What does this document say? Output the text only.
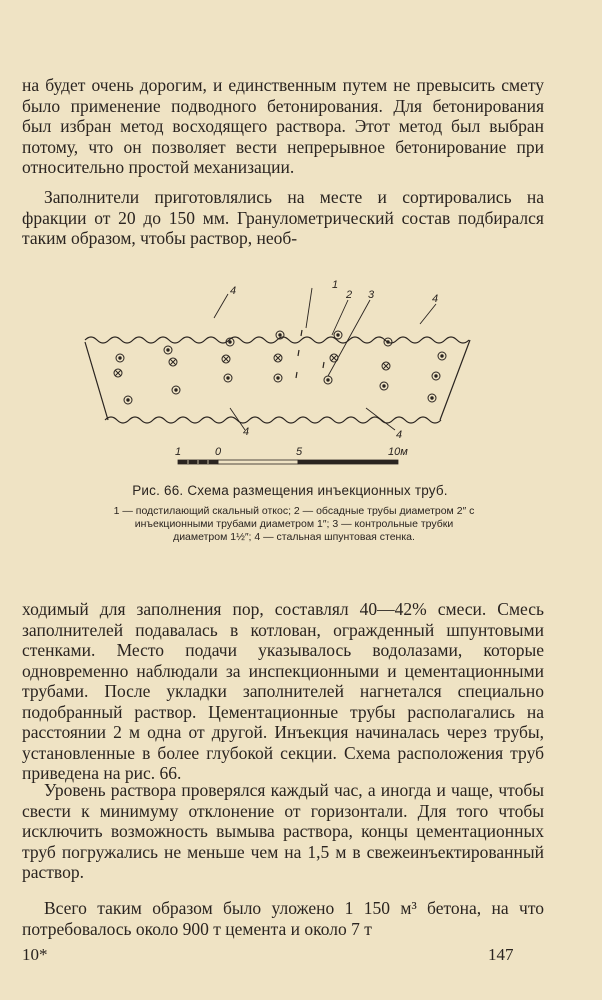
на будет очень дорогим, и единственным путем не превысить смету было применение подводного бетонирования. Для бетонирования был избран метод восходящего раствора. Этот метод был выбран потому, что он позволяет вести непрерывное бетонирование при относительно простой механизации.

Заполнители приготовлялись на месте и сортировались на фракции от 20 до 150 мм. Гранулометрический состав подбирался таким образом, чтобы раствор, необ-

4	1
2 3	4
4	4
1	0	5	10м
Рис. 66. Схема размещения инъекционных труб.
1 — подстилающий скальный откос; 2 — обсадные трубы диаметром 2″ с инъекционными трубами диаметром 1″; 3 — контрольные трубки диаметром 1½″; 4 — стальная шпунтовая стенка.

ходимый для заполнения пор, составлял 40—42% смеси. Смесь заполнителей подавалась в котлован, огражденный шпунтовыми стенками. Место подачи указывалось водолазами, которые одновременно наблюдали за инспекционными и цементационными трубами. После укладки заполнителей нагнетался специально подобранный раствор. Цементационные трубы располагались на расстоянии 2 м одна от другой. Инъекция начиналась через трубы, установленные в более глубокой секции. Схема расположения труб приведена на рис. 66.

Уровень раствора проверялся каждый час, а иногда и чаще, чтобы свести к минимуму отклонение от горизонтали. Для того чтобы исключить возможность вымыва раствора, концы цементационных труб погружались не меньше чем на 1,5 м в свежеинъектированный раствор.

Всего таким образом было уложено 1 150 м³ бетона, на что потребовалось около 900 т цемента и около 7 т

10*	147
